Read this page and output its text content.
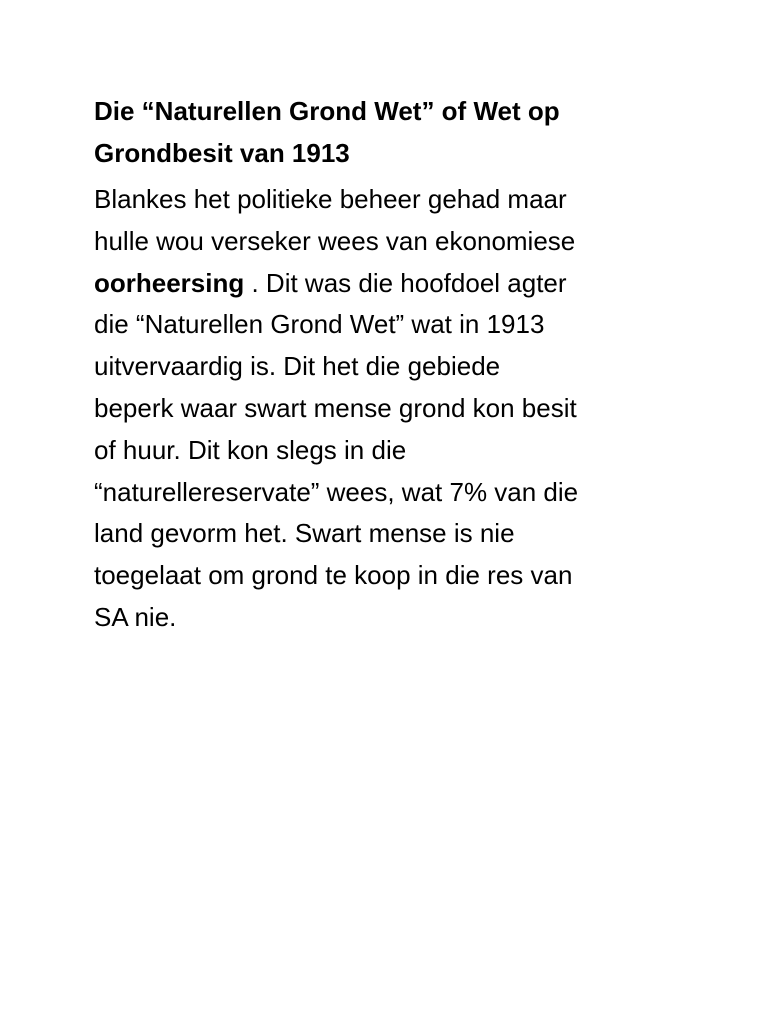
Die “Naturellen Grond Wet” of Wet op
Grondbesit van 1913

Blankes het politieke beheer gehad maar
hulle wou verseker wees van ekonomiese
oorheersing . Dit was die hoofdoel agter
die “Naturellen Grond Wet” wat in 1913
uitvervaardig is. Dit het die gebiede
beperk waar swart mense grond kon besit
of huur. Dit kon slegs in die
“naturellereservate” wees, wat 7% van die
land gevorm het. Swart mense is nie
toegelaat om grond te koop in die res van
SA nie.
